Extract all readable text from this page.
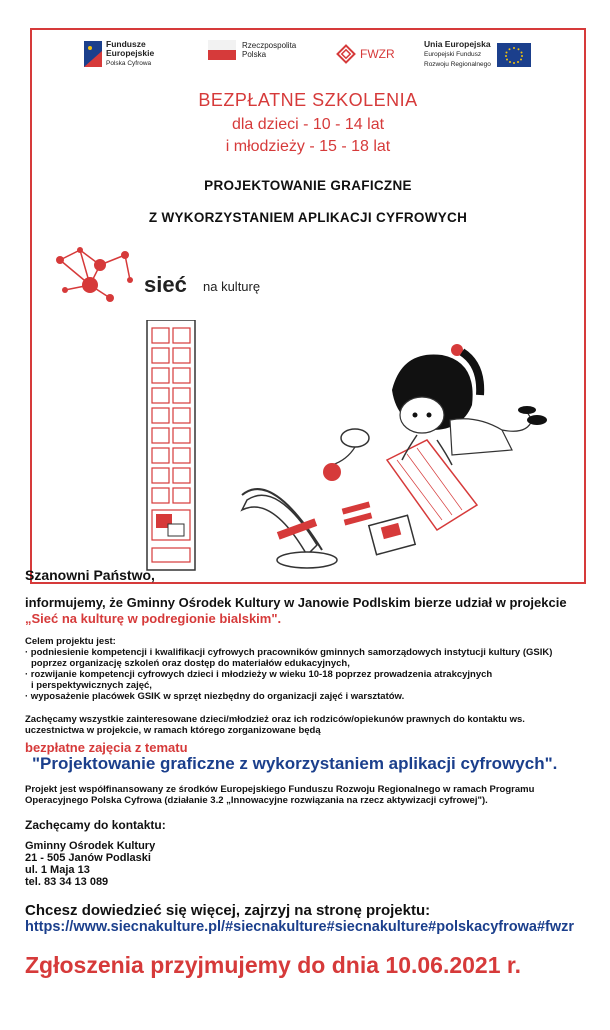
Fundusze
Europejskie
Polska Cyfrowa
Rzeczpospolita
Polska	FWZR
Unia Europejska
Europejski Fundusz
Rozwoju Regionalnego
BEZPŁATNE SZKOLENIA
dla dzieci - 10 - 14 lat
i młodzieży - 15 - 18 lat
PROJEKTOWANIE GRAFICZNE
Z WYKORZYSTANIEM APLIKACJI CYFROWYCH
sieć na kulturę
Szanowni Państwo,
informujemy, że Gminny Ośrodek Kultury w Janowie Podlskim bierze udział w projekcie
„Sieć na kulturę w podregionie bialskim".
Celem projektu jest:
· podniesienie kompetencji i kwalifikacji cyfrowych pracowników gminnych samorządowych instytucji kultury (GSIK)
poprzez organizację szkoleń oraz dostęp do materiałów edukacyjnych,
· rozwijanie kompetencji cyfrowych dzieci i młodzieży w wieku 10-18 poprzez prowadzenia atrakcyjnych
i perspektywicznych zajęć,
· wyposażenie placówek GSIK w sprzęt niezbędny do organizacji zajęć i warsztatów.
Zachęcamy wszystkie zainteresowane dzieci/młodzież oraz ich rodziców/opiekunów prawnych do kontaktu ws.
uczestnictwa w projekcie, w ramach którego zorganizowane będą
bezpłatne zajęcia z tematu
"Projektowanie graficzne z wykorzystaniem aplikacji cyfrowych".
Projekt jest współfinansowany ze środków Europejskiego Funduszu Rozwoju Regionalnego w ramach Programu
Operacyjnego Polska Cyfrowa (działanie 3.2 „Innowacyjne rozwiązania na rzecz aktywizacji cyfrowej").
Zachęcamy do kontaktu:
Gminny Ośrodek Kultury
21 - 505 Janów Podlaski
ul. 1 Maja 13
tel. 83 34 13 089
Chcesz dowiedzieć się więcej, zajrzyj na stronę projektu:
https://www.siecnakulture.pl/#siecnakulture#siecnakulture#polskacyfrowa#fwzr
Zgłoszenia przyjmujemy do dnia 10.06.2021 r.
